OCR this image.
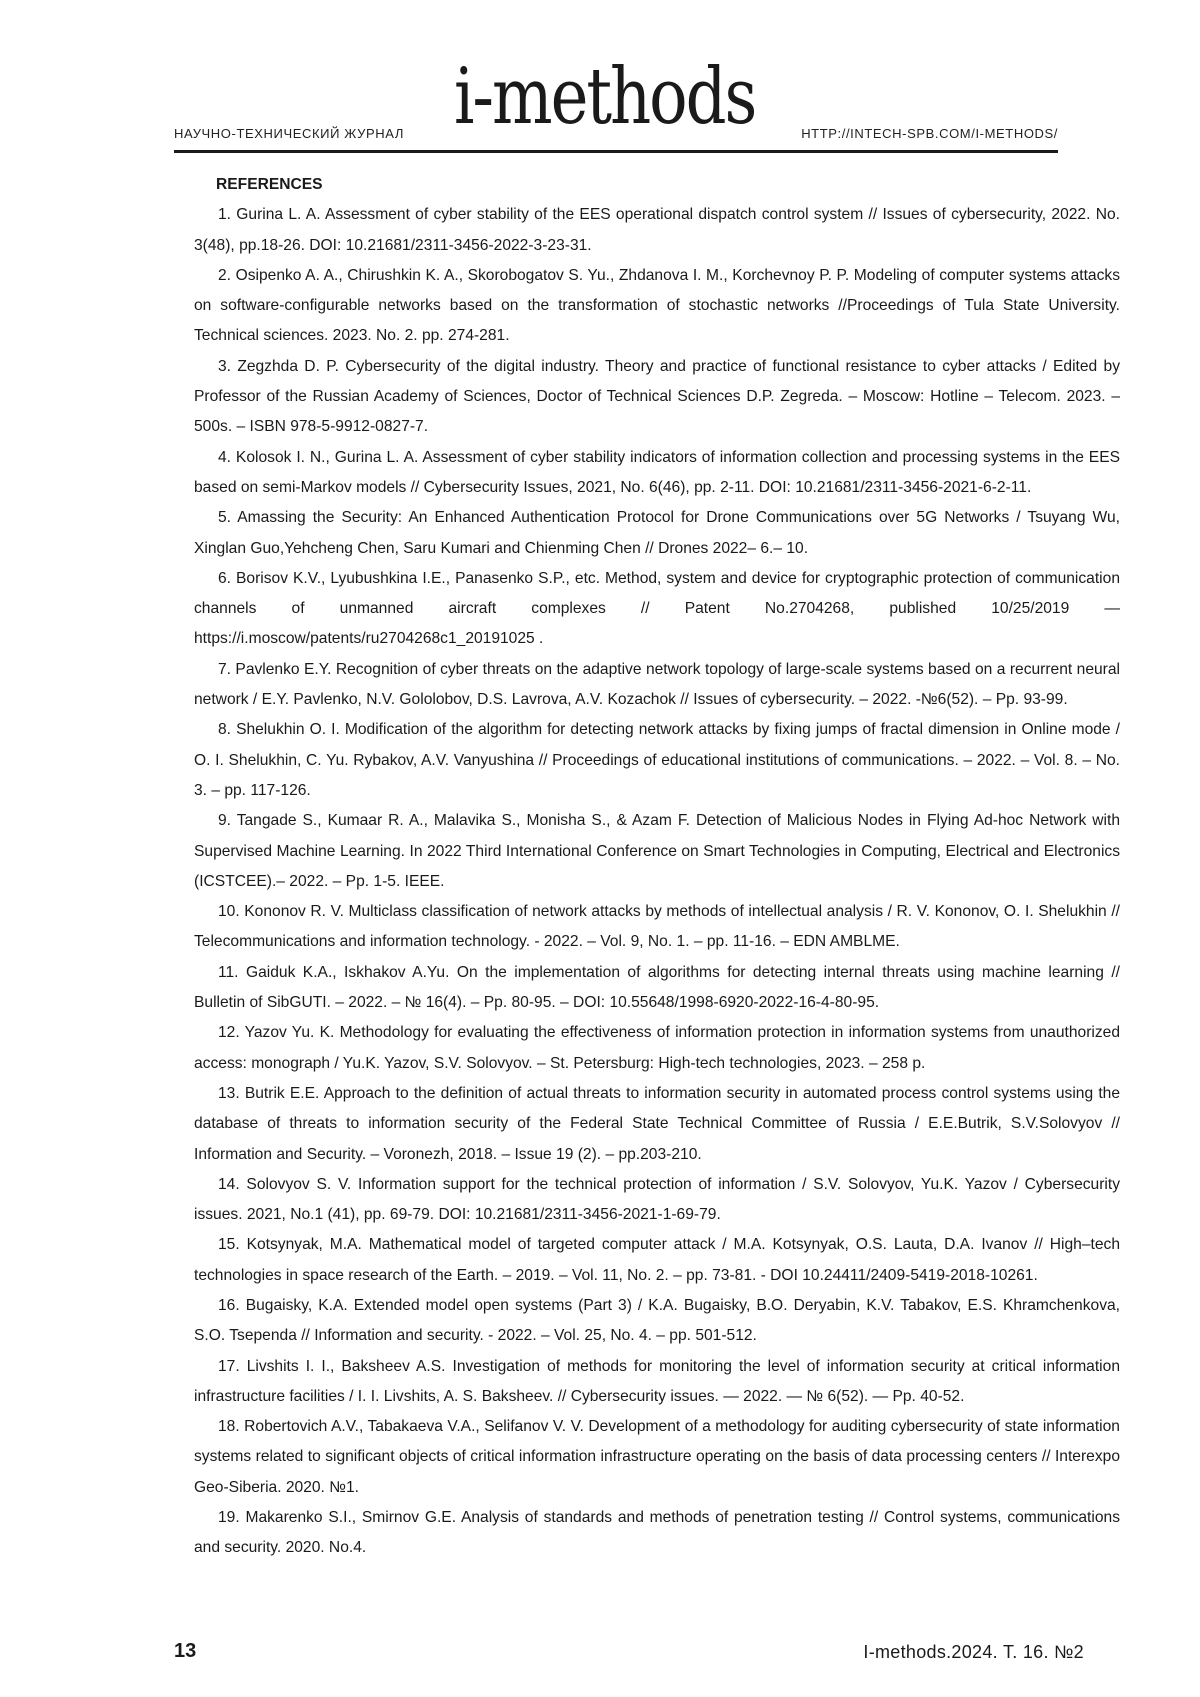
НАУЧНО-ТЕХНИЧЕСКИЙ ЖУРНАЛ i-methods	HTTP://INTECH-SPB.COM/I-METHODS/
REFERENCES

1. Gurina L. A. Assessment of cyber stability of the EES operational dispatch control system // Issues of cybersecurity, 2022. No. 3(48), pp.18-26. DOI: 10.21681/2311-3456-2022-3-23-31.

2. Osipenko A. A., Chirushkin K. A., Skorobogatov S. Yu., Zhdanova I. M., Korchevnoy P. P. Modeling of computer systems attacks on software-configurable networks based on the transformation of stochastic networks //Proceedings of Tula State University. Technical sciences. 2023. No. 2. pp. 274-281.

3. Zegzhda D. P. Cybersecurity of the digital industry. Theory and practice of functional resistance to cyber attacks / Edited by Professor of the Russian Academy of Sciences, Doctor of Technical Sciences D.P. Zegreda. – Moscow: Hotline – Telecom. 2023. – 500s. – ISBN 978-5-9912-0827-7.

4. Kolosok I. N., Gurina L. A. Assessment of cyber stability indicators of information collection and processing systems in the EES based on semi-Markov models // Cybersecurity Issues, 2021, No. 6(46), pp. 2-11. DOI: 10.21681/2311-3456-2021-6-2-11.

5. Amassing the Security: An Enhanced Authentication Protocol for Drone Communications over 5G Networks / Tsuyang Wu, Xinglan Guo,Yehcheng Chen, Saru Kumari and Chienming Chen // Drones 2022– 6.– 10.

6. Borisov K.V., Lyubushkina I.E., Panasenko S.P., etc. Method, system and device for cryptographic protection of communication channels of unmanned aircraft complexes // Patent No.2704268, published 10/25/2019 — https://i.moscow/patents/ru2704268c1_20191025 .

7. Pavlenko E.Y. Recognition of cyber threats on the adaptive network topology of large-scale systems based on a recurrent neural network / E.Y. Pavlenko, N.V. Gololobov, D.S. Lavrova, A.V. Kozachok // Issues of cybersecurity. – 2022. -№6(52). – Pp. 93-99.

8. Shelukhin O. I. Modification of the algorithm for detecting network attacks by fixing jumps of fractal dimension in Online mode / O. I. Shelukhin, C. Yu. Rybakov, A.V. Vanyushina // Proceedings of educational institutions of communications. – 2022. – Vol. 8. – No. 3. – pp. 117-126.

9. Tangade S., Kumaar R. A., Malavika S., Monisha S., & Azam F. Detection of Malicious Nodes in Flying Ad-hoc Network with Supervised Machine Learning. In 2022 Third International Conference on Smart Technologies in Computing, Electrical and Electronics (ICSTCEE).– 2022. – Pp. 1-5. IEEE.

10. Kononov R. V. Multiclass classification of network attacks by methods of intellectual analysis / R. V. Kononov, O. I. Shelukhin // Telecommunications and information technology. - 2022. – Vol. 9, No. 1. – pp. 11-16. – EDN AMBLME.

11. Gaiduk K.A., Iskhakov A.Yu. On the implementation of algorithms for detecting internal threats using machine learning // Bulletin of SibGUTI. – 2022. – № 16(4). – Pp. 80-95. – DOI: 10.55648/1998-6920-2022-16-4-80-95.

12. Yazov Yu. K. Methodology for evaluating the effectiveness of information protection in information systems from unauthorized access: monograph / Yu.K. Yazov, S.V. Solovyov. – St. Petersburg: High-tech technologies, 2023. – 258 p.

13. Butrik E.E. Approach to the definition of actual threats to information security in automated process control systems using the database of threats to information security of the Federal State Technical Committee of Russia / E.E.Butrik, S.V.Solovyov // Information and Security. – Voronezh, 2018. – Issue 19 (2). – pp.203-210.

14. Solovyov S. V. Information support for the technical protection of information / S.V. Solovyov, Yu.K. Yazov / Cybersecurity issues. 2021, No.1 (41), pp. 69-79. DOI: 10.21681/2311-3456-2021-1-69-79.

15. Kotsynyak, M.A. Mathematical model of targeted computer attack / M.A. Kotsynyak, O.S. Lauta, D.A. Ivanov // High–tech technologies in space research of the Earth. – 2019. – Vol. 11, No. 2. – pp. 73-81. - DOI 10.24411/2409-5419-2018-10261.

16. Bugaisky, K.A. Extended model open systems (Part 3) / K.A. Bugaisky, B.O. Deryabin, K.V. Tabakov, E.S. Khramchenkova, S.O. Tsependa // Information and security. - 2022. – Vol. 25, No. 4. – pp. 501-512.

17. Livshits I. I., Baksheev A.S. Investigation of methods for monitoring the level of information security at critical information infrastructure facilities / I. I. Livshits, A. S. Baksheev. // Cybersecurity issues. — 2022. — № 6(52). — Pp. 40-52.

18. Robertovich A.V., Tabakaeva V.A., Selifanov V. V. Development of a methodology for auditing cybersecurity of state information systems related to significant objects of critical information infrastructure operating on the basis of data processing centers // Interexpo Geo-Siberia. 2020. №1.

19. Makarenko S.I., Smirnov G.E. Analysis of standards and methods of penetration testing // Control systems, communications and security. 2020. No.4.

13	I-methods.2024. T. 16. №2
